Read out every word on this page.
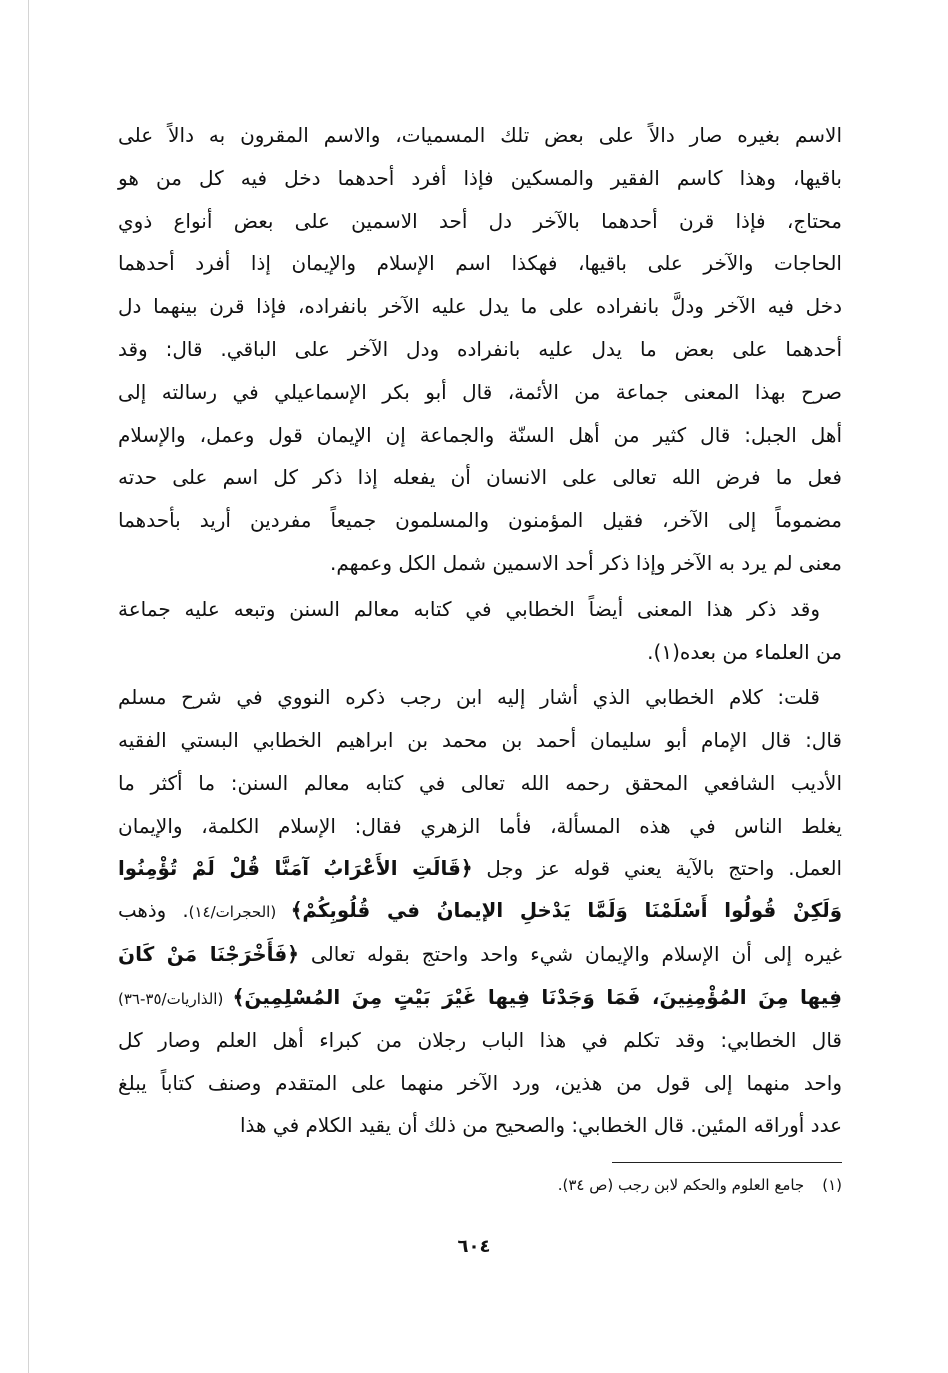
الاسم بغيره صار دالاً على بعض تلك المسميات، والاسم المقرون به دالاً على
باقيها، وهذا كاسم الفقير والمسكين فإذا أفرد أحدهما دخل فيه كل من هو
محتاج، فإذا قرن أحدهما بالآخر دل أحد الاسمين على بعض أنواع ذوي
الحاجات والآخر على باقيها، فهكذا اسم الإسلام والإيمان إذا أفرد أحدهما
دخل فيه الآخر ودلَّ بانفراده على ما يدل عليه الآخر بانفراده، فإذا قرن بينهما دل
أحدهما على بعض ما يدل عليه بانفراده ودل الآخر على الباقي. قال: وقد
صرح بهذا المعنى جماعة من الأئمة، قال أبو بكر الإسماعيلي في رسالته إلى
أهل الجبل: قال كثير من أهل السنّة والجماعة إن الإيمان قول وعمل، والإسلام
فعل ما فرض الله تعالى على الانسان أن يفعله إذا ذكر كل اسم على حدته
مضموماً إلى الآخر، فقيل المؤمنون والمسلمون جميعاً مفردين أريد بأحدهما
معنى لم يرد به الآخر وإذا ذكر أحد الاسمين شمل الكل وعمهم.
وقد ذكر هذا المعنى أيضاً الخطابي في كتابه معالم السنن وتبعه عليه جماعة
من العلماء من بعده(١).
قلت: كلام الخطابي الذي أشار إليه ابن رجب ذكره النووي في شرح مسلم
قال: قال الإمام أبو سليمان أحمد بن محمد بن ابراهيم الخطابي البستي الفقيه
الأديب الشافعي المحقق رحمه الله تعالى في كتابه معالم السنن: ما أكثر ما
يغلط الناس في هذه المسألة، فأما الزهري فقال: الإسلام الكلمة، والإيمان
العمل. واحتج بالآية يعني قوله عز وجل ﴿قَالَتِ الأَعْرَابُ آمَنَّا قُلْ لَمْ تُؤْمِنُوا
وَلَكِنْ قُولُوا أَسْلَمْنَا وَلَمَّا يَدْخلِ الإيمانُ في قُلُوبِكُمْ﴾ (الحجرات/١٤). وذهب
غيره إلى أن الإسلام والإيمان شيء واحد واحتج بقوله تعالى ﴿فَأَخْرَجْنَا مَنْ كَانَ
فِيها مِنَ المُؤْمِنِينَ، فَمَا وَجَدْنَا فِيها غَيْرَ بَيْتٍ مِنَ المُسْلِمِينَ﴾ (الذاريات/٣٥-٣٦)
قال الخطابي: وقد تكلم في هذا الباب رجلان من كبراء أهل العلم وصار كل
واحد منهما إلى قول من هذين، ورد الآخر منهما على المتقدم وصنف كتاباً يبلغ
عدد أوراقه المئين. قال الخطابي: والصحيح من ذلك أن يقيد الكلام في هذا
(١)جامع العلوم والحكم لابن رجب (ص ٣٤).
٦٠٤
